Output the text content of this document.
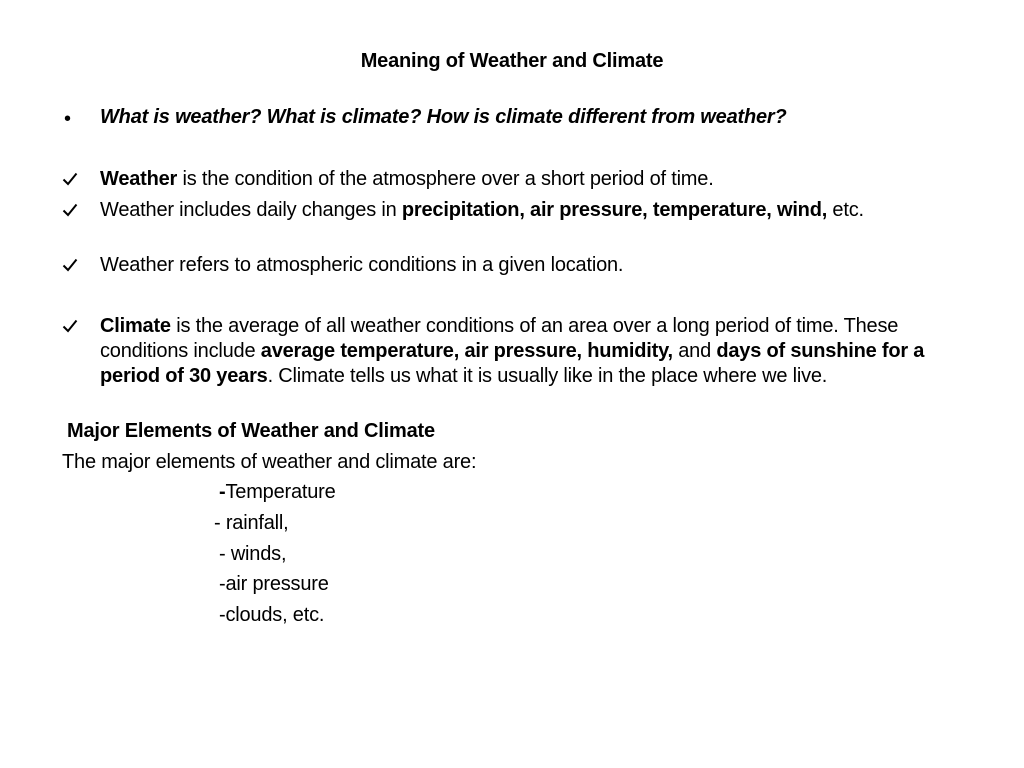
Meaning of Weather and Climate
• What is weather? What is climate? How is climate different from weather?
Weather is the condition of the atmosphere over a short period of time.
Weather includes daily changes in precipitation, air pressure, temperature, wind, etc.
Weather refers to atmospheric conditions in a given location.
Climate is the average of all weather conditions of an area over a long period of time. These conditions include average temperature, air pressure, humidity, and days of sunshine for a period of 30 years. Climate tells us what it is usually like in the place where we live.
Major Elements of Weather and Climate
The major elements of weather and climate are:
-Temperature
- rainfall,
- winds,
-air pressure
-clouds, etc.
